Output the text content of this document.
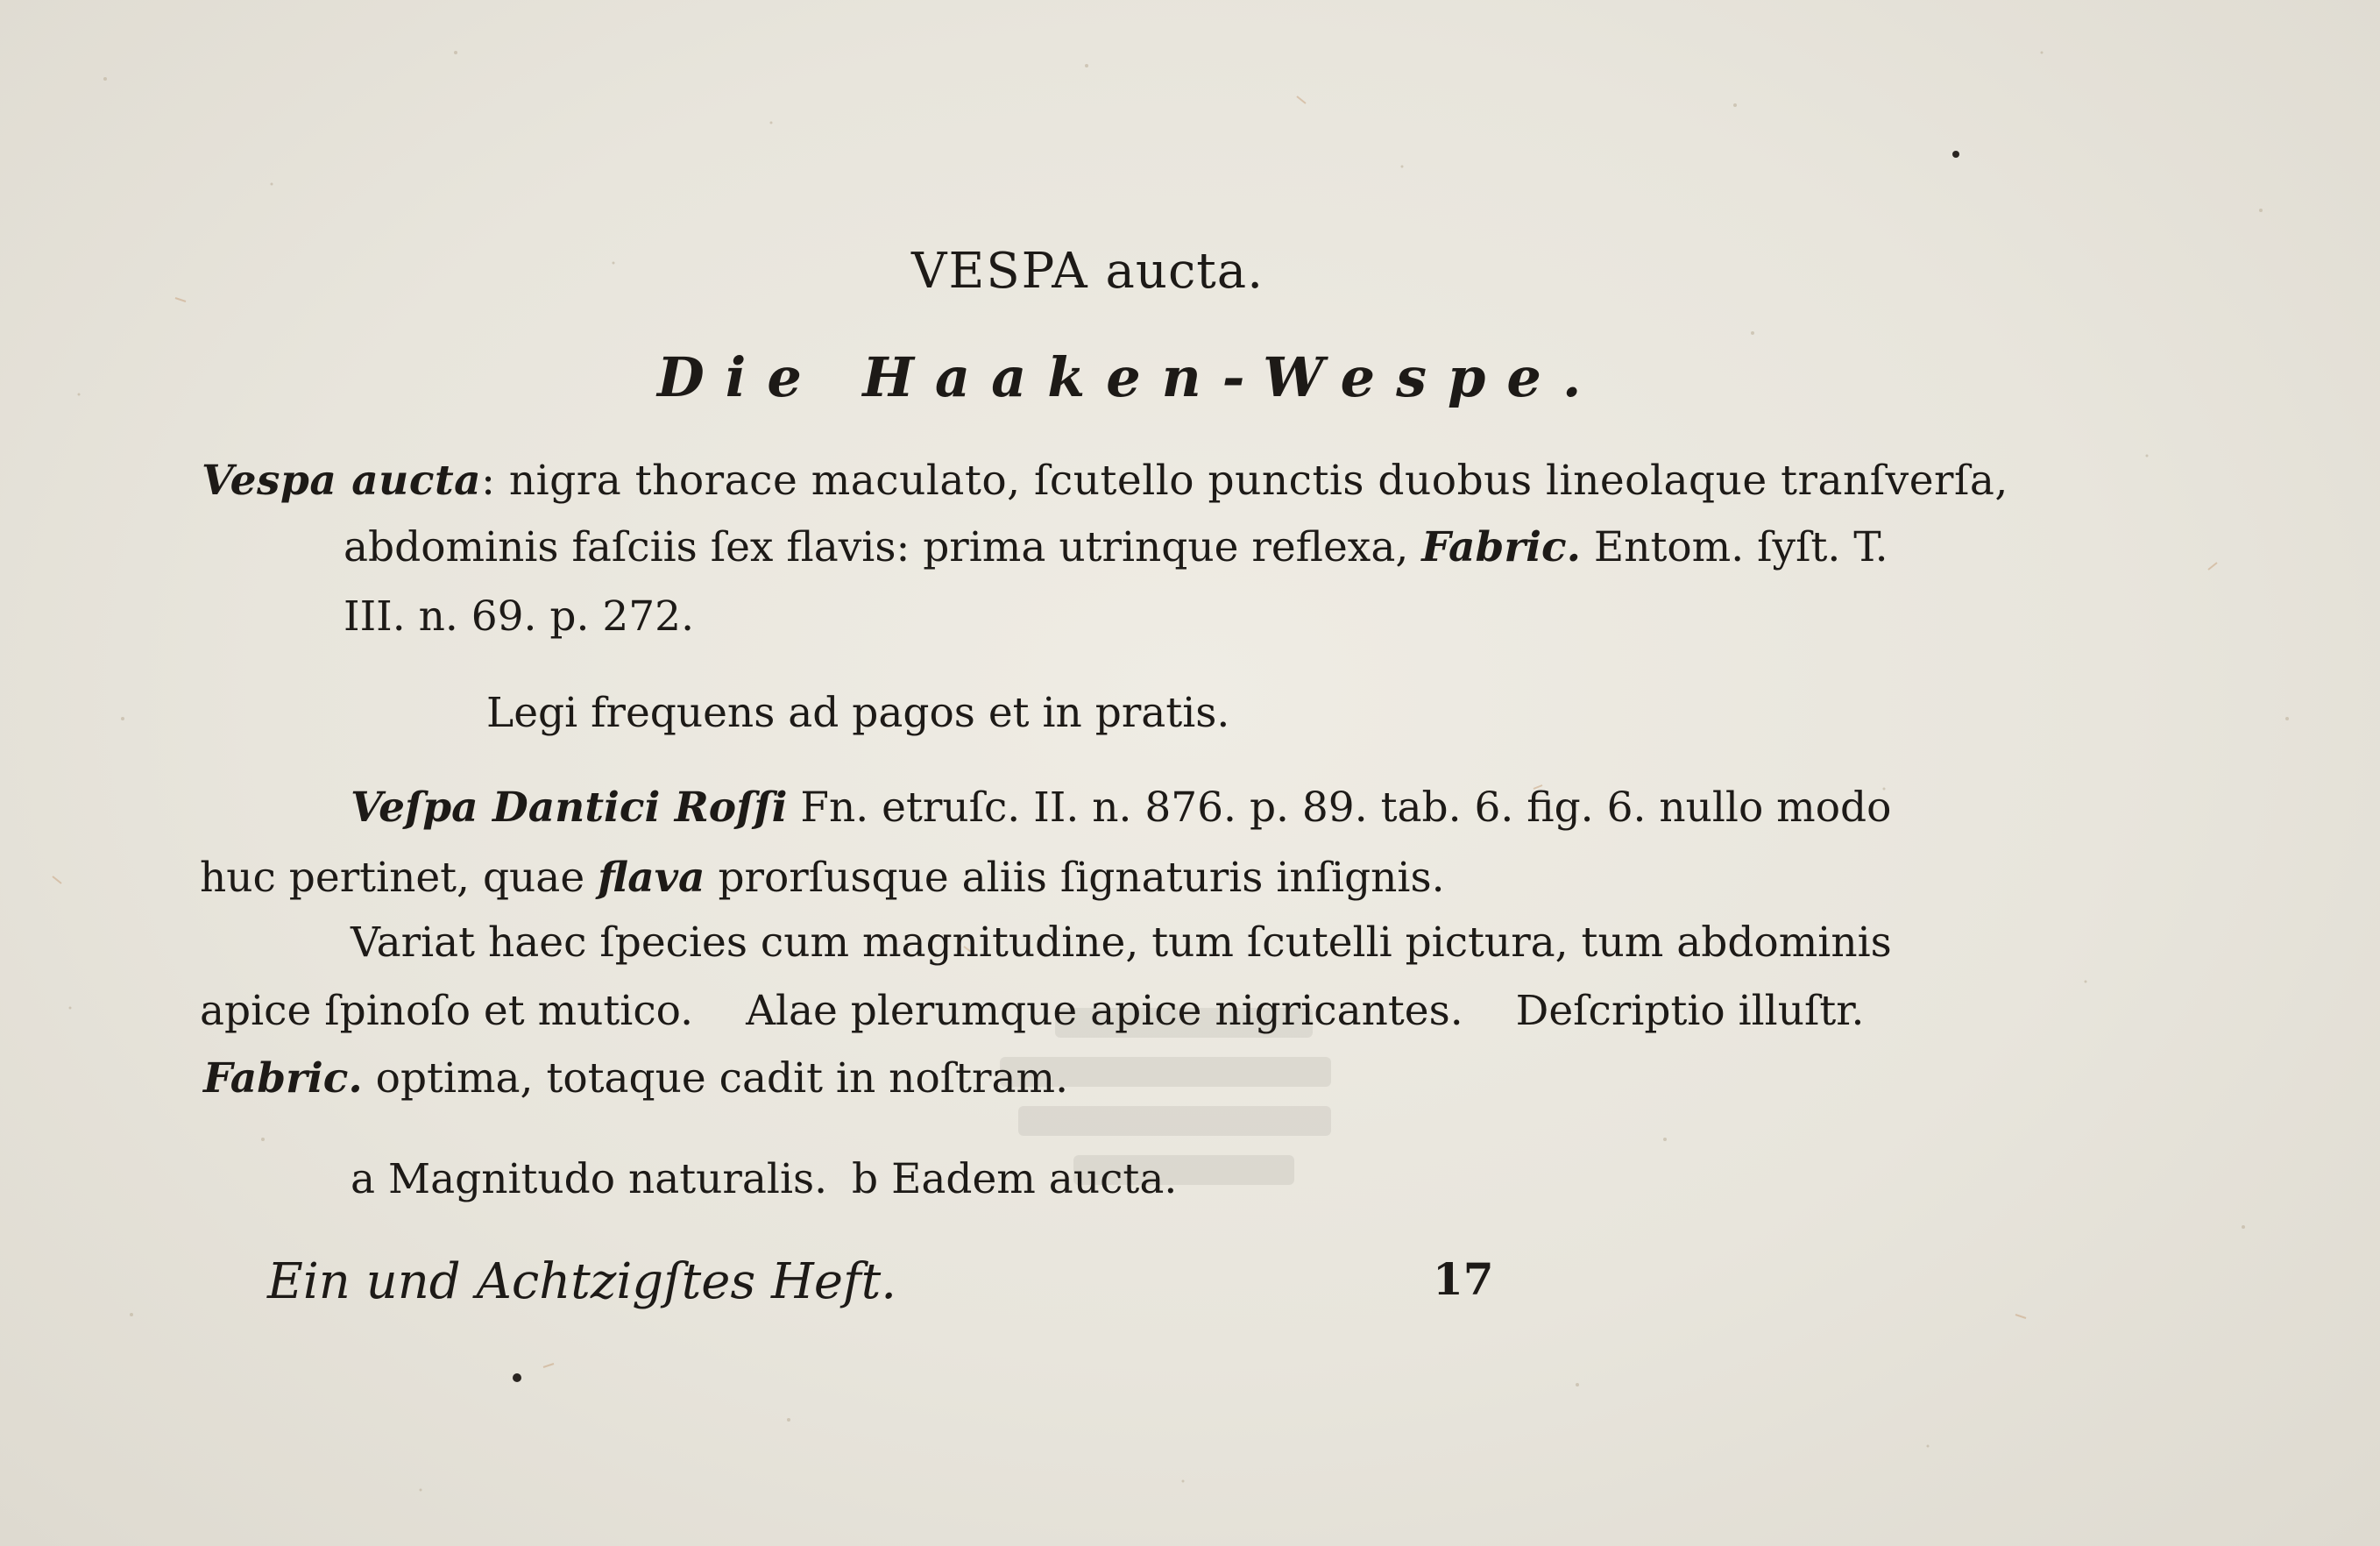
VESPA aucta.
Die Haaken-Wespe.
Vespa aucta: nigra thorace maculato, ſcutello punctis duobus lineolaque tranſverſa,
abdominis faſciis ſex flavis: prima utrinque reflexa, Fabric. Entom. ſyſt. T.
III. n. 69. p. 272.
Legi frequens ad pagos et in pratis.
Veſpa Dantici Roſſi Fn. etruſc. II. n. 876. p. 89. tab. 6. fig. 6. nullo modo
huc pertinet, quae flava prorſusque aliis ſignaturis inſignis.
Variat haec ſpecies cum magnitudine, tum ſcutelli pictura, tum abdominis
apice ſpinoſo et mutico. Alae plerumque apice nigricantes. Deſcriptio illuſtr.
Fabric. optima, totaque cadit in noſtram.
a Magnitudo naturalis. b Eadem aucta.
Ein und Achtzigſtes Heft.	17
